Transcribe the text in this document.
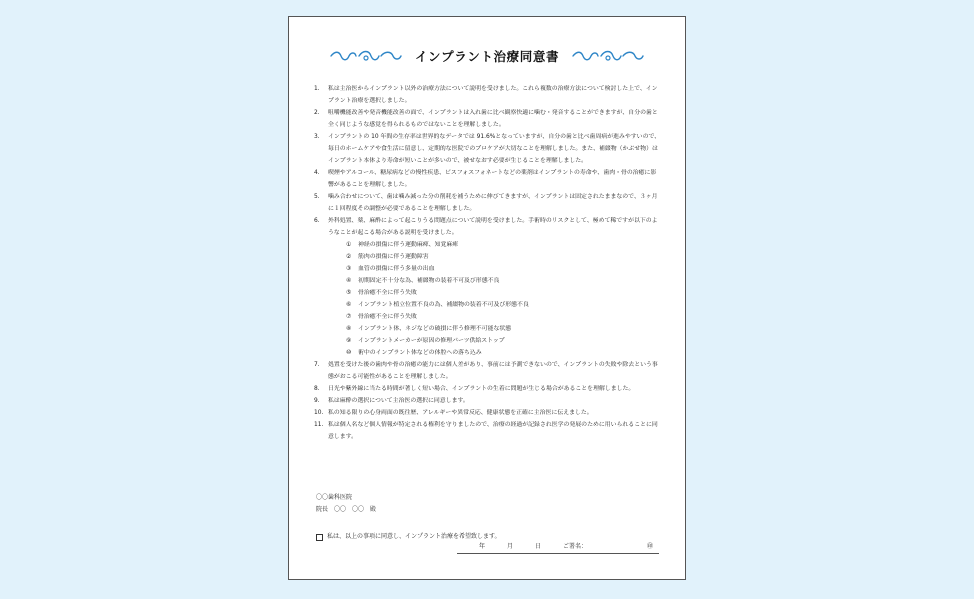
インプラント治療同意書
1.	私は主治医からインプラント以外の治療方法について説明を受けました。これら複数の治療方法について検討した上で、インプラント治療を選択しました。
2.	咀嚼機能改善や発音機能改善の面で、インプラントは入れ歯に比べ観察快適に噛む・発音することができますが、自分の歯と全く同じような感覚を得られるものではないことを理解しました。
3.	インプラントの 10 年間の生存率は世界的なデータでは 91.6%となっていますが、自分の歯と比べ歯周病が進みやすいので、毎日のホームケアや食生活に留意し、定期的な医院でのプロケアが大切なことを理解しました。また、補綴物（かぶせ物）はインプラント本体より寿命が短いことが多いので、被せなおす必要が生じることを理解しました。
4.	喫煙やアルコール、糖尿病などの慢性疾患、ビスフォスフォネートなどの薬剤はインプラントの寿命や、歯肉・骨の治癒に影響があることを理解しました。
5.	噛み合わせについて、歯は噛み減った分の削耗を補うために伸びてきますが、インプラントは固定されたままなので、３ヶ月に１回程度その調整が必要であることを理解しました。
6.	外科処置、薬、麻酔によって起こりうる問題点について説明を受けました。手術時のリスクとして、極めて稀ですが以下のようなことが起こる場合がある説明を受けました。
①	神経の損傷に伴う運動麻痺、知覚麻痺
②	筋肉の損傷に伴う運動障害
③	血管の損傷に伴う多量の出血
④	初期固定不十分な為、補綴物の装着不可及び形態不良
⑤	骨治癒不全に伴う失敗
⑥	インプラント植立位置不良の為、補綴物の装着不可及び形態不良
⑦	骨治癒不全に伴う失敗
⑧	インプラント体、ネジなどの破損に伴う修理不可能な状態
⑨	インプラントメーカーが原因の修理パーツ供給ストップ
⑩	術中のインプラント体などの体腔への落ち込み
7.	処置を受けた後の歯肉や骨の治癒の能力には個人差があり、事前には予測できないので、インプラントの失敗や除去という事態がおこる可能性があることを理解しました。
8.	日光や紫外線に当たる時間が著しく短い場合、インプラントの生着に問題が生じる場合があることを理解しました。
9.	私は麻酔の選択について主治医の選択に同意します。
10. 私の知る限りの心身両面の既往歴、アレルギーや異常反応、健康状態を正確に主治医に伝えました。
11. 私は個人名など個人情報が特定される権利を守りましたので、治療の経過が記録され医学の発展のために用いられることに同意します。
〇〇歯科医院
院長　〇〇　〇〇　殿
私は、以上の事項に同意し、インプラント治療を希望致します。
年	月	日	ご署名：	㊞
